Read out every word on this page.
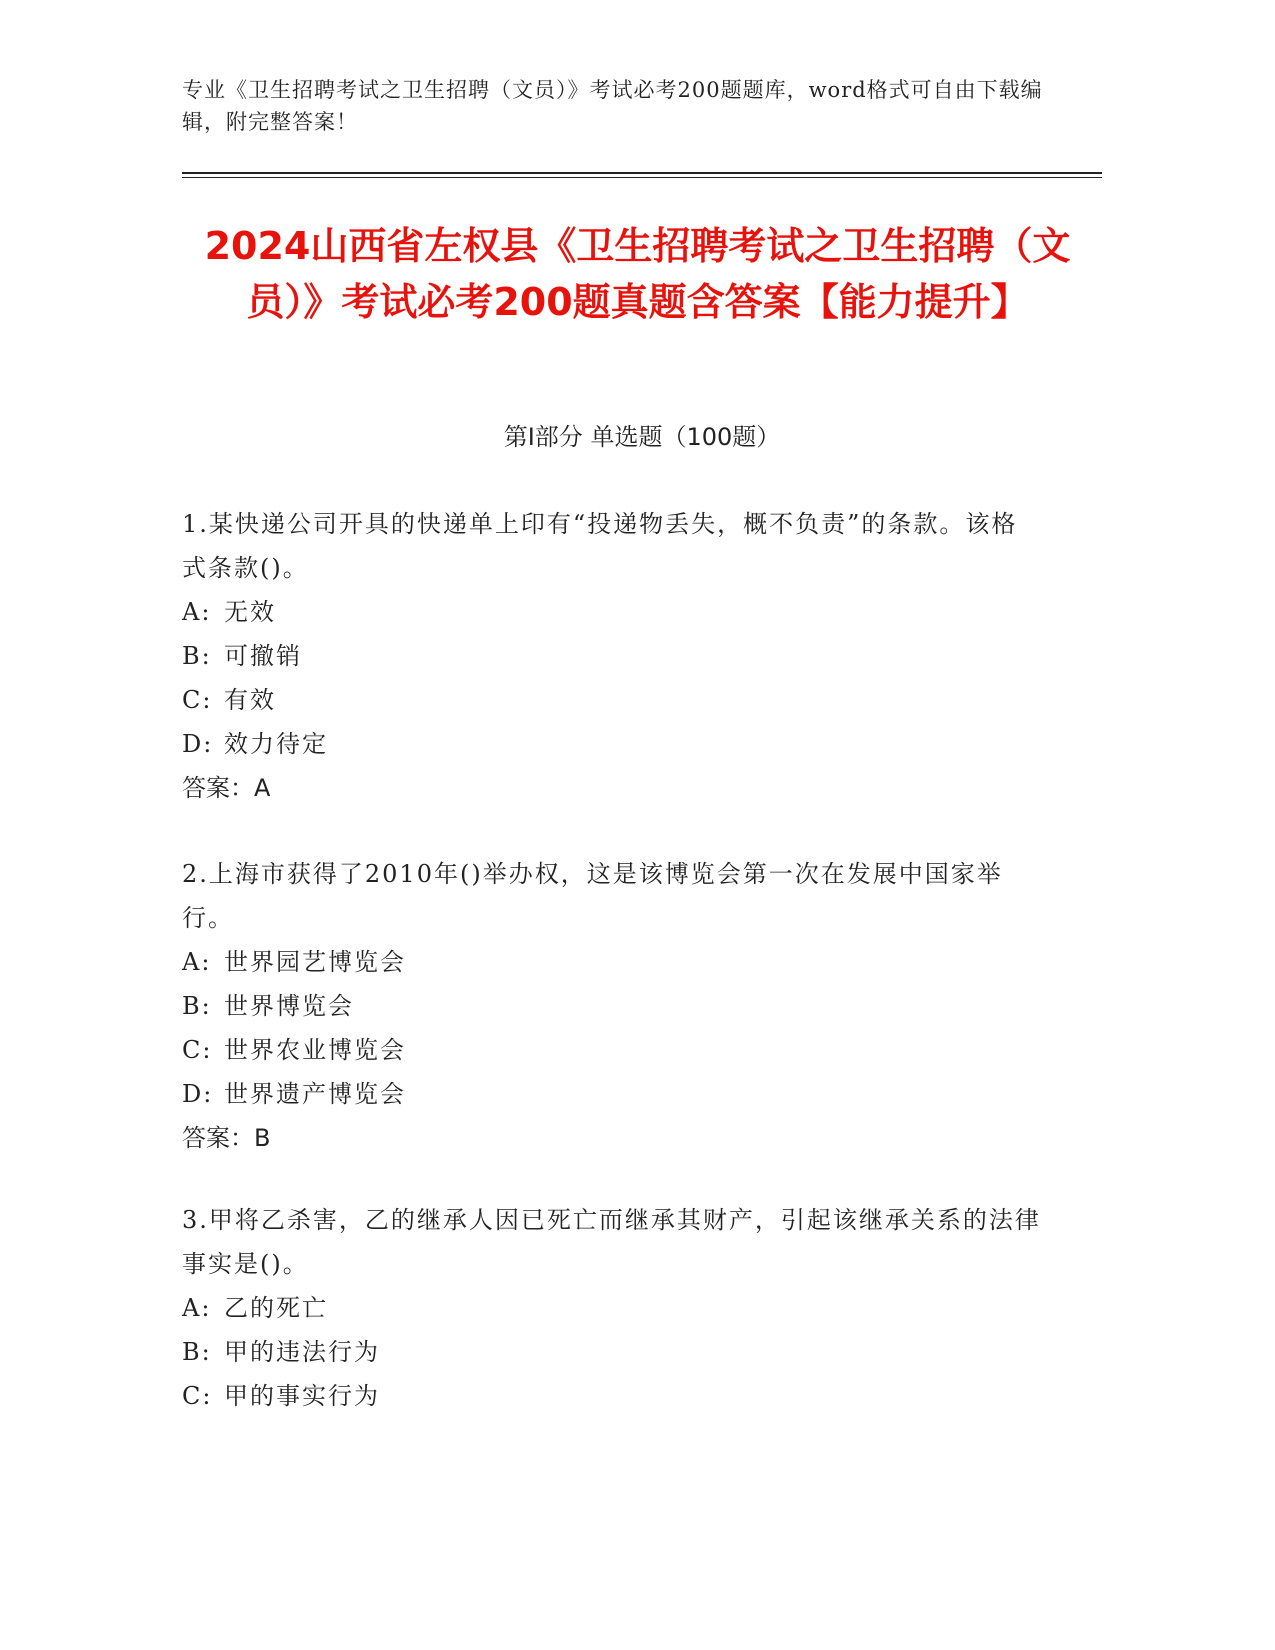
专业《卫生招聘考试之卫生招聘（文员）》考试必考200题题库，word格式可自由下载编辑，附完整答案！
2024山西省左权县《卫生招聘考试之卫生招聘（文员）》考试必考200题真题含答案【能力提升】
第I部分 单选题（100题）

1.某快递公司开具的快递单上印有“投递物丢失，概不负责”的条款。该格式条款()。

A: 无效

B: 可撤销

C: 有效

D: 效力待定

答案：A

2.上海市获得了2010年()举办权，这是该博览会第一次在发展中国家举行。

A: 世界园艺博览会

B: 世界博览会

C: 世界农业博览会

D: 世界遗产博览会

答案：B

3.甲将乙杀害，乙的继承人因已死亡而继承其财产，引起该继承关系的法律事实是()。

A: 乙的死亡

B: 甲的违法行为

C: 甲的事实行为
